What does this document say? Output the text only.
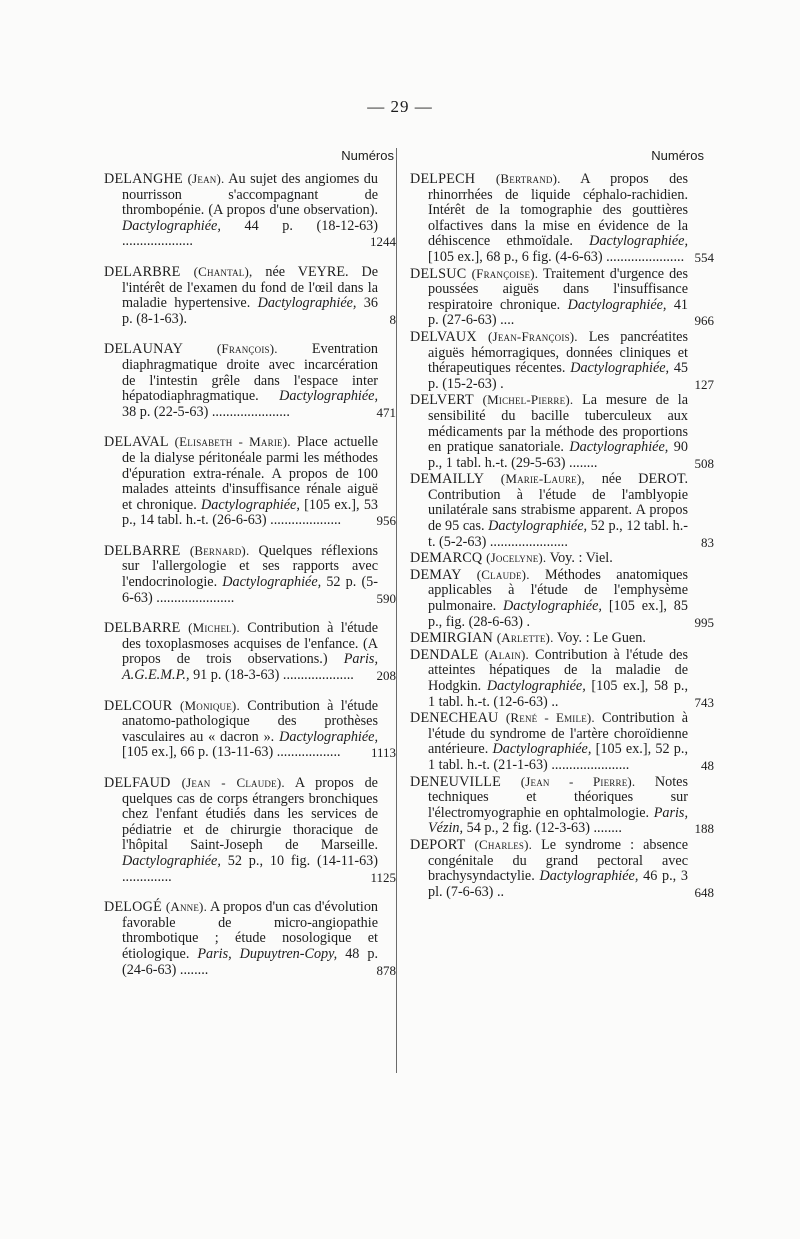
— 29 —
Numéros
DELANGHE (Jean). Au sujet des angiomes du nourrisson s'accompagnant de thrombopénie. (A propos d'une observation). Dactylographiée, 44 p. (18-12-63) ....................	1244
DELARBRE (Chantal), née VEYRE. De l'intérêt de l'examen du fond de l'œil dans la maladie hypertensive. Dactylographiée, 36 p. (8-1-63).	8
DELAUNAY	(François). Eventration diaphragmatique droite avec incarcération de l'intestin grêle dans l'espace inter hépatodiaphragmatique. Dactylographiée, 38 p. (22-5-63) ......................	471
DELAVAL (Elisabeth - Marie). Place actuelle de la dialyse péritonéale parmi les méthodes d'épuration extra-rénale. A propos de 100 malades atteints d'insuffisance rénale aiguë et chronique. Dactylographiée, [105 ex.], 53 p., 14 tabl. h.-t. (26-6-63) ....................	956
DELBARRE (Bernard). Quelques réflexions sur l'allergologie et ses rapports avec l'endocrinologie. Dactylographiée, 52 p. (5-6-63) ......................	590
DELBARRE (Michel). Contribution à l'étude des toxoplasmoses acquises de l'enfance. (A propos de trois observations.) Paris, A.G.E.M.P., 91 p. (18-3-63) .................... 208
DELCOUR (Monique). Contribution à l'étude anatomo-pathologique des prothèses vasculaires au « dacron ». Dactylographiée, [105 ex.], 66 p. (13-11-63) .................. 1113
DELFAUD (Jean - Claude). A propos de quelques cas de corps étrangers bronchiques chez l'enfant étudiés dans les services de pédiatrie et de chirurgie thoracique de l'hôpital Saint-Joseph de Marseille. Dactylographiée, 52 p., 10 fig. (14-11-63) ..............	1125
DELOGÉ (Anne). A propos d'un cas d'évolution favorable de micro-angiopathie thrombotique ; étude nosologique et étiologique. Paris, Dupuytren-Copy, 48 p. (24-6-63) ........	878
Numéros
DELPECH (Bertrand). A propos des rhinorrhées de liquide céphalo-rachidien. Intérêt de la tomographie des gouttières olfactives dans la mise en évidence de la déhiscence ethmoïdale. Dactylographiée, [105 ex.], 68 p., 6 fig. (4-6-63) ...................... 554
DELSUC (Françoise). Traitement d'urgence des poussées aiguës dans l'insuffisance respiratoire chronique. Dactylographiée, 41 p. (27-6-63) ....	966
DELVAUX (Jean-François). Les pancréatites aiguës hémorragiques, données cliniques et thérapeutiques récentes. Dactylographiée, 45 p. (15-2-63) .	127
DELVERT (Michel-Pierre). La mesure de la sensibilité du bacille tuberculeux aux médicaments par la méthode des proportions en pratique sanatoriale. Dactylographiée, 90 p., 1 tabl. h.-t. (29-5-63) ........	508
DEMAILLY (Marie-Laure), née DEROT. Contribution à l'étude de l'amblyopie unilatérale sans strabisme apparent. A propos de 95 cas. Dactylographiée, 52 p., 12 tabl. h.-t. (5-2-63) ......................	83
DEMARCQ (Jocelyne). Voy. : Viel.
DEMAY (Claude). Méthodes anatomiques applicables à l'étude de l'emphysème pulmonaire. Dactylographiée, [105 ex.], 85 p., fig. (28-6-63) .	995
DEMIRGIAN (Arlette). Voy. : Le Guen.
DENDALE (Alain). Contribution à l'étude des atteintes hépatiques de la maladie de Hodgkin. Dactylographiée, [105 ex.], 58 p., 1 tabl. h.-t. (12-6-63) ..	743
DENECHEAU (René - Emile). Contribution à l'étude du syndrome de l'artère choroïdienne antérieure. Dactylographiée, [105 ex.], 52 p., 1 tabl. h.-t. (21-1-63) ......................	48
DENEUVILLE (Jean - Pierre). Notes techniques et théoriques sur l'électromyographie en ophtalmologie. Paris, Vézin, 54 p., 2 fig. (12-3-63) ........	188
DEPORT (Charles). Le syndrome : absence congénitale du grand pectoral avec brachysyndactylie. Dactylographiée, 46 p., 3 pl. (7-6-63) ..	648
